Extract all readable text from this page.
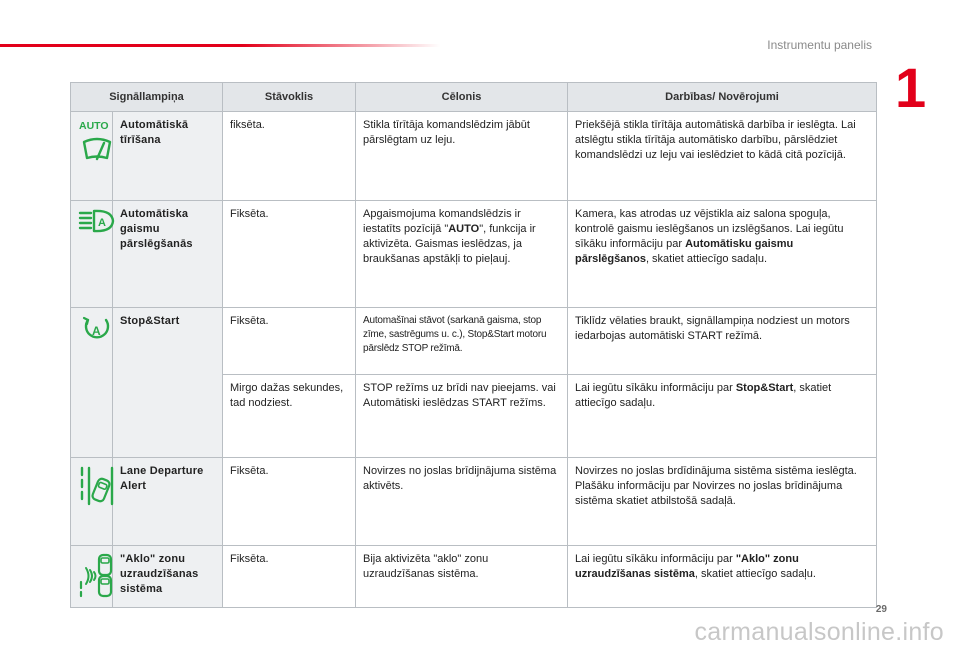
Instrumentu panelis
1
Signāllampiņa		Stāvoklis	Cēlonis	Darbības/ Novērojumi

AUTO	Automātiskā tīrīšana	fiksēta.	Stikla tīrītāja komandslēdzim jābūt pārslēgtam uz leju.	Priekšējā stikla tīrītāja automātiskā darbība ir ieslēgta. Lai atslēgtu stikla tīrītāja automātisko darbību, pārslēdziet komandslēdzi uz leju vai ieslēdziet to kādā citā pozīcijā.

A	Automātiska gaismu pārslēgšanās	Fiksēta.	Apgaismojuma komandslēdzis ir iestatīts pozīcijā "AUTO", funkcija ir aktivizēta. Gaismas ieslēdzas, ja braukšanas apstākļi to pieļauj.	Kamera, kas atrodas uz vējstikla aiz salona spoguļa, kontrolē gaismu ieslēgšanos un izslēgšanos. Lai iegūtu sīkāku informāciju par Automātisku gaismu pārslēgšanos, skatiet attiecīgo sadaļu.

A	Stop&Start	Fiksēta.	Automašīnai stāvot (sarkanā gaisma, stop zīme, sastrēgums u. c.), Stop&Start motoru pārslēdz STOP režīmā.	Tiklīdz vēlaties braukt, signāllampiņa nodziest un motors iedarbojas automātiski START režīmā.
		Mirgo dažas sekundes, tad nodziest.	STOP režīms uz brīdi nav pieejams. vai Automātiski ieslēdzas START režīms.	Lai iegūtu sīkāku informāciju par Stop&Start, skatiet attiecīgo sadaļu.

	Lane Departure Alert	Fiksēta.	Novirzes no joslas brīdijnājuma sistēma aktivēts.	Novirzes no joslas brdīdinājuma sistēma sistēma ieslēgta. Plašāku informāciju par Novirzes no joslas brīdinājuma sistēma skatiet atbilstošā sadaļā.

	"Aklo" zonu uzraudzīšanas sistēma	Fiksēta.	Bija aktivizēta "aklo" zonu uzraudzīšanas sistēma.	Lai iegūtu sīkāku informāciju par "Aklo" zonu uzraudzīšanas sistēma, skatiet attiecīgo sadaļu.
29
carmanualsonline.info
